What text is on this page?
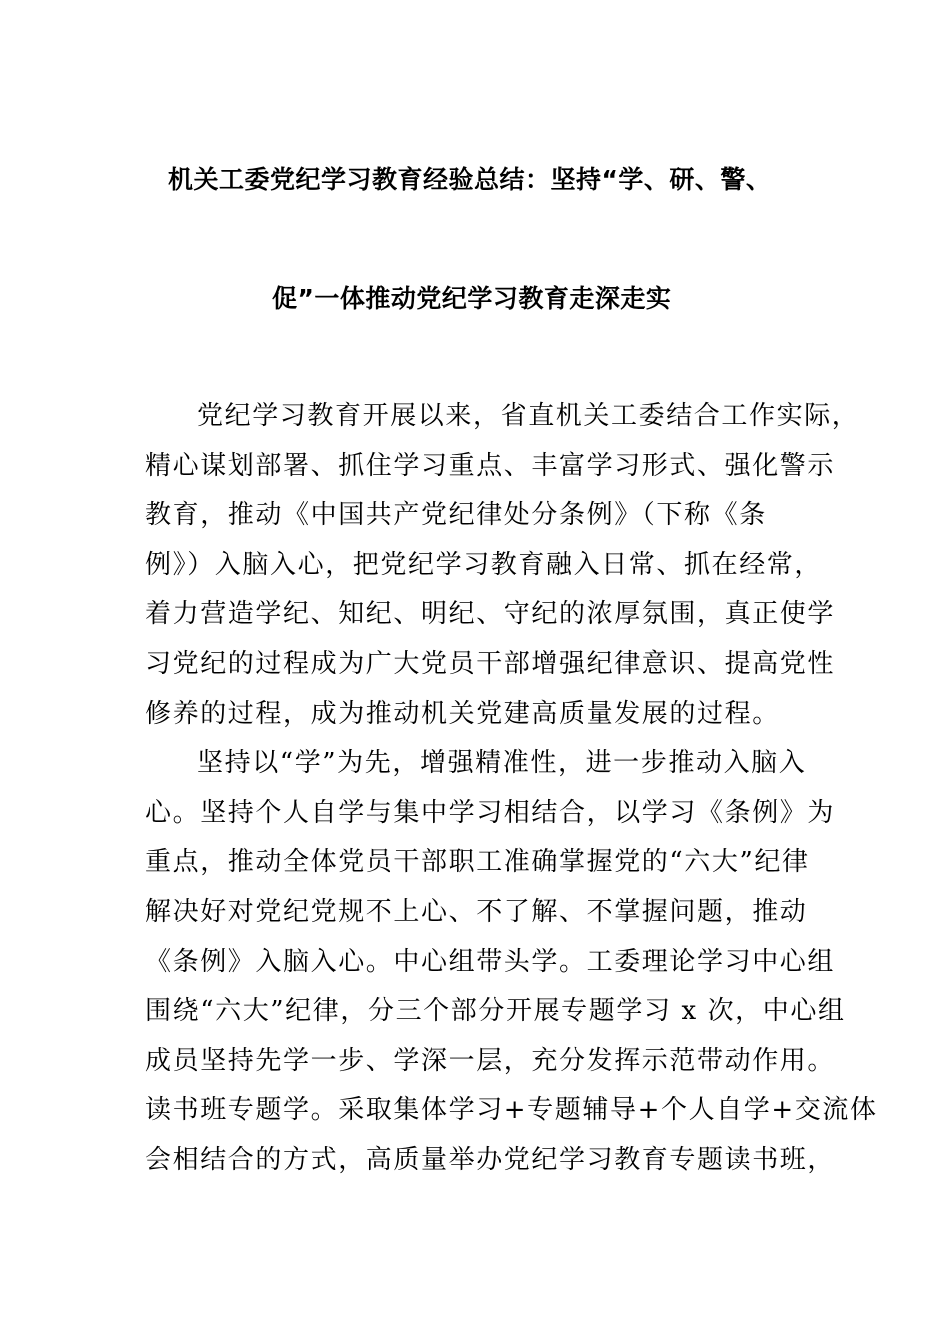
机关工委党纪学习教育经验总结：坚持“学、研、警、
促”一体推动党纪学习教育走深走实
党纪学习教育开展以来，省直机关工委结合工作实际，
精心谋划部署、抓住学习重点、丰富学习形式、强化警示
教育，推动《中国共产党纪律处分条例》（下称《条
例》）入脑入心，把党纪学习教育融入日常、抓在经常，
着力营造学纪、知纪、明纪、守纪的浓厚氛围，真正使学
习党纪的过程成为广大党员干部增强纪律意识、提高党性
修养的过程，成为推动机关党建高质量发展的过程。
坚持以“学”为先，增强精准性，进一步推动入脑入
心。坚持个人自学与集中学习相结合，以学习《条例》为
重点，推动全体党员干部职工准确掌握党的“六大”纪律
解决好对党纪党规不上心、不了解、不掌握问题，推动
《条例》入脑入心。中心组带头学。工委理论学习中心组
围绕“六大”纪律，分三个部分开展专题学习 x 次，中心组
成员坚持先学一步、学深一层，充分发挥示范带动作用。
读书班专题学。采取集体学习+专题辅导+个人自学+交流体
会相结合的方式，高质量举办党纪学习教育专题读书班，
